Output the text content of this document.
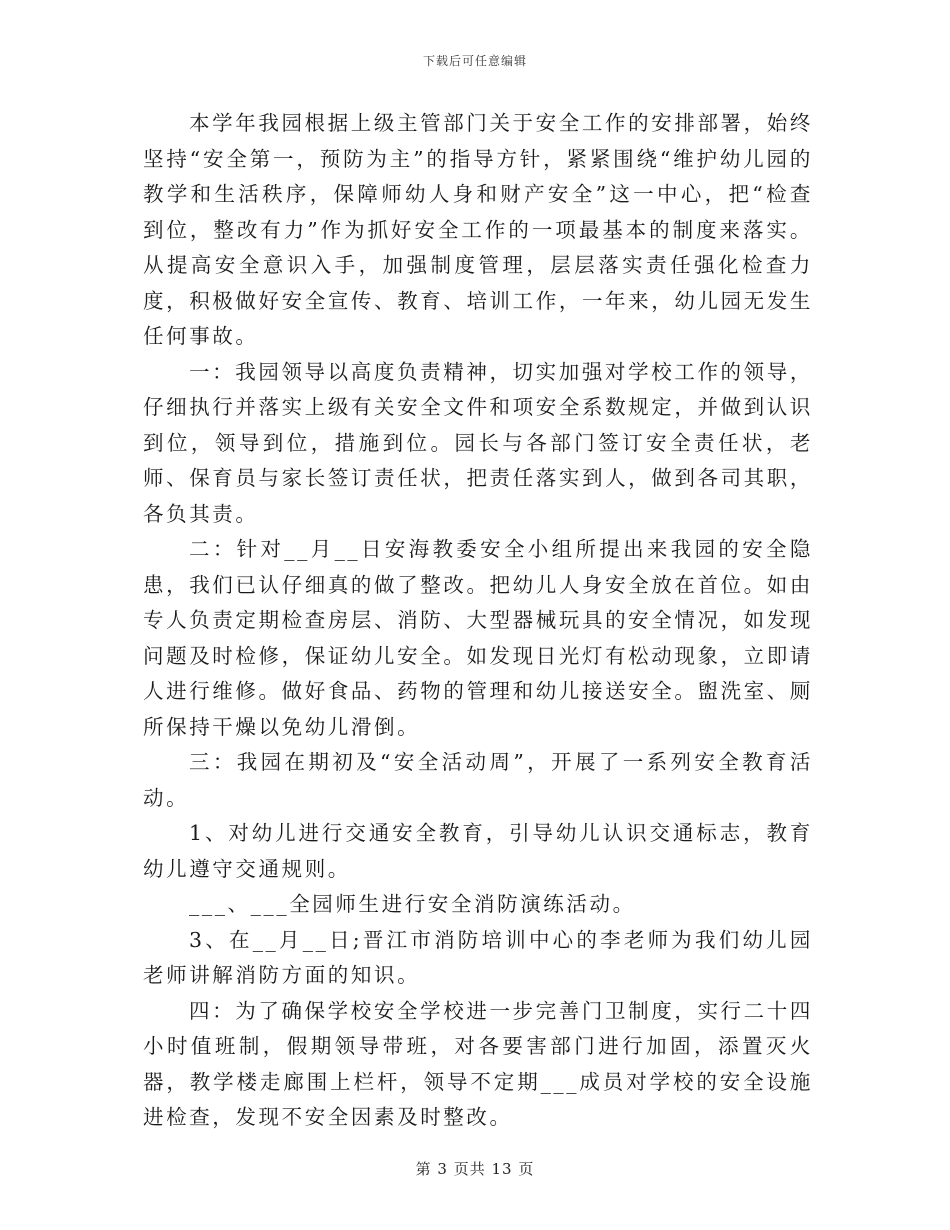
下载后可任意编辑

本学年我园根据上级主管部门关于安全工作的安排部署，始终坚持“安全第一，预防为主”的指导方针，紧紧围绕“维护幼儿园的教学和生活秩序，保障师幼人身和财产安全”这一中心，把“检查到位，整改有力”作为抓好安全工作的一项最基本的制度来落实。从提高安全意识入手，加强制度管理，层层落实责任强化检查力度，积极做好安全宣传、教育、培训工作，一年来，幼儿园无发生任何事故。

一：我园领导以高度负责精神，切实加强对学校工作的领导，仔细执行并落实上级有关安全文件和项安全系数规定，并做到认识到位，领导到位，措施到位。园长与各部门签订安全责任状，老师、保育员与家长签订责任状，把责任落实到人，做到各司其职，各负其责。

二：针对__月__日安海教委安全小组所提出来我园的安全隐患，我们已认仔细真的做了整改。把幼儿人身安全放在首位。如由专人负责定期检查房层、消防、大型器械玩具的安全情况，如发现问题及时检修，保证幼儿安全。如发现日光灯有松动现象，立即请人进行维修。做好食品、药物的管理和幼儿接送安全。盥洗室、厕所保持干燥以免幼儿滑倒。

三：我园在期初及“安全活动周”，开展了一系列安全教育活动。

1、对幼儿进行交通安全教育，引导幼儿认识交通标志，教育幼儿遵守交通规则。

___、___全园师生进行安全消防演练活动。

3、在__月__日;晋江市消防培训中心的李老师为我们幼儿园老师讲解消防方面的知识。

四：为了确保学校安全学校进一步完善门卫制度，实行二十四小时值班制，假期领导带班，对各要害部门进行加固，添置灭火器，教学楼走廊围上栏杆，领导不定期___成员对学校的安全设施进检查，发现不安全因素及时整改。

第 3 页共 13 页
